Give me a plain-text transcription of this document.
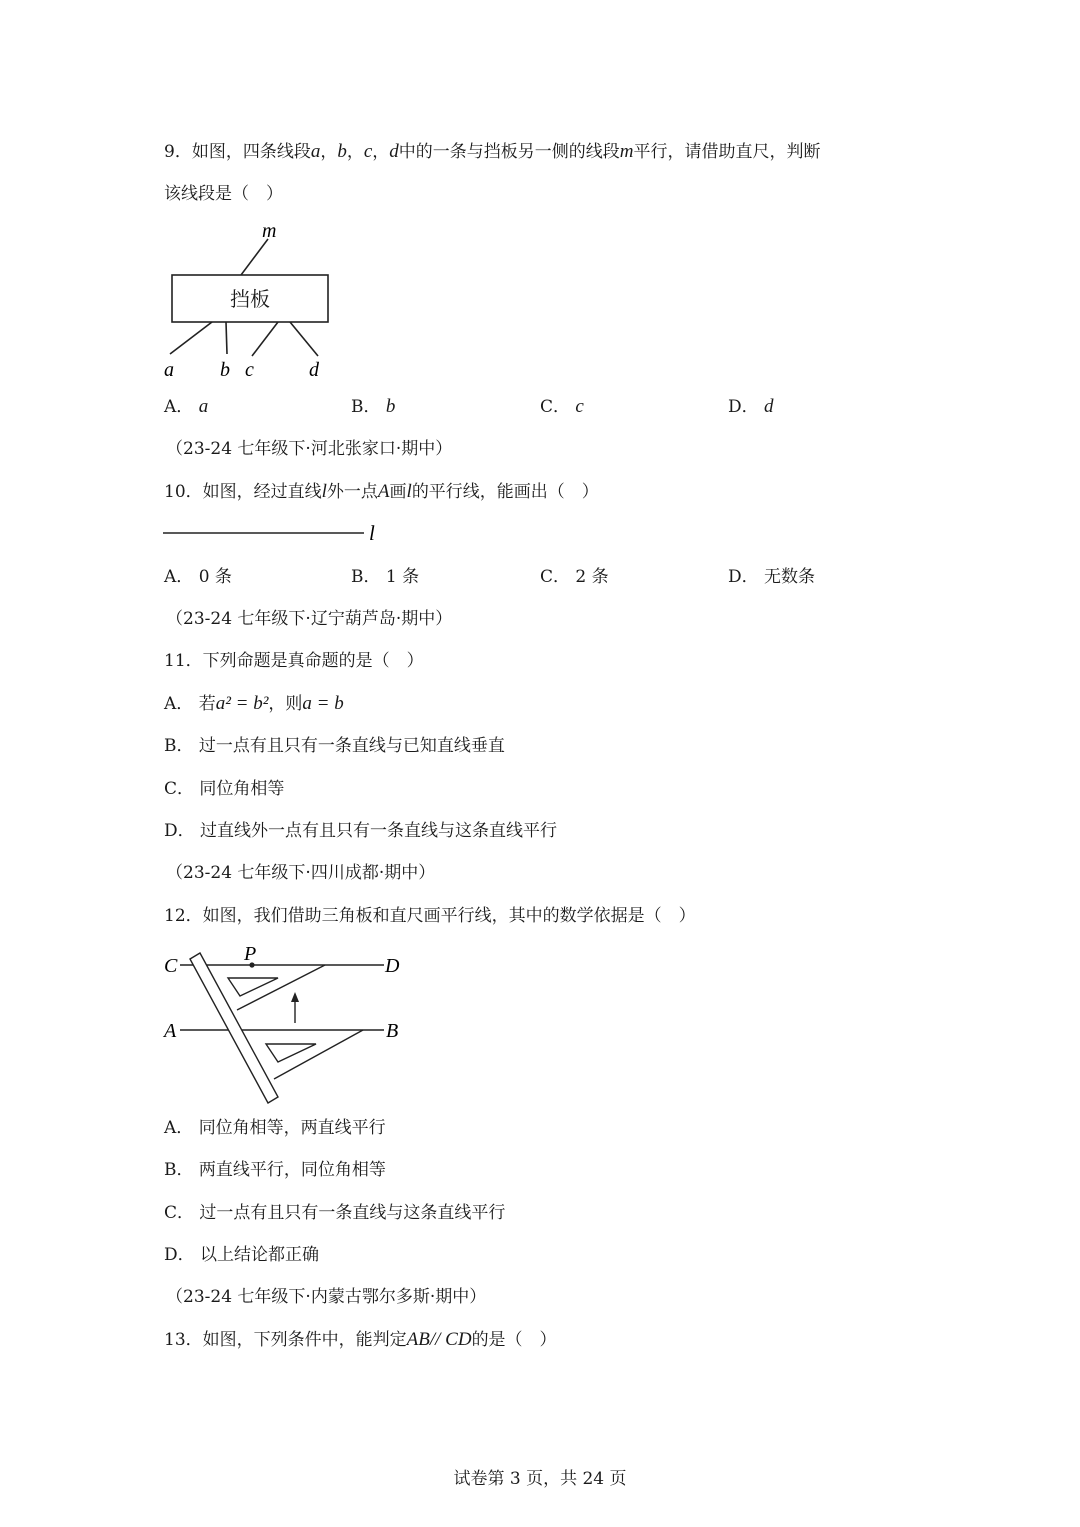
9．如图，四条线段a，b，c，d中的一条与挡板另一侧的线段m平行，请借助直尺，判断
该线段是（　）
m
a b c	d
挡板
A． a	B． b	C． c	D． d
（23-24 七年级下·河北张家口·期中）
10．如图，经过直线l外一点A画l的平行线，能画出（　）
l
A． 0 条	B． 1 条	C． 2 条	D． 无数条
（23-24 七年级下·辽宁葫芦岛·期中）
11．下列命题是真命题的是（　）
A． 若a² = b²，则a = b
B． 过一点有且只有一条直线与已知直线垂直
C． 同位角相等
D． 过直线外一点有且只有一条直线与这条直线平行
（23-24 七年级下·四川成都·期中）
12．如图，我们借助三角板和直尺画平行线，其中的数学依据是（　）
C	D
A	B
P
A． 同位角相等，两直线平行
B． 两直线平行，同位角相等
C． 过一点有且只有一条直线与这条直线平行
D． 以上结论都正确
（23-24 七年级下·内蒙古鄂尔多斯·期中）
13．如图，下列条件中，能判定AB// CD的是（　）
试卷第 3 页，共 24 页
